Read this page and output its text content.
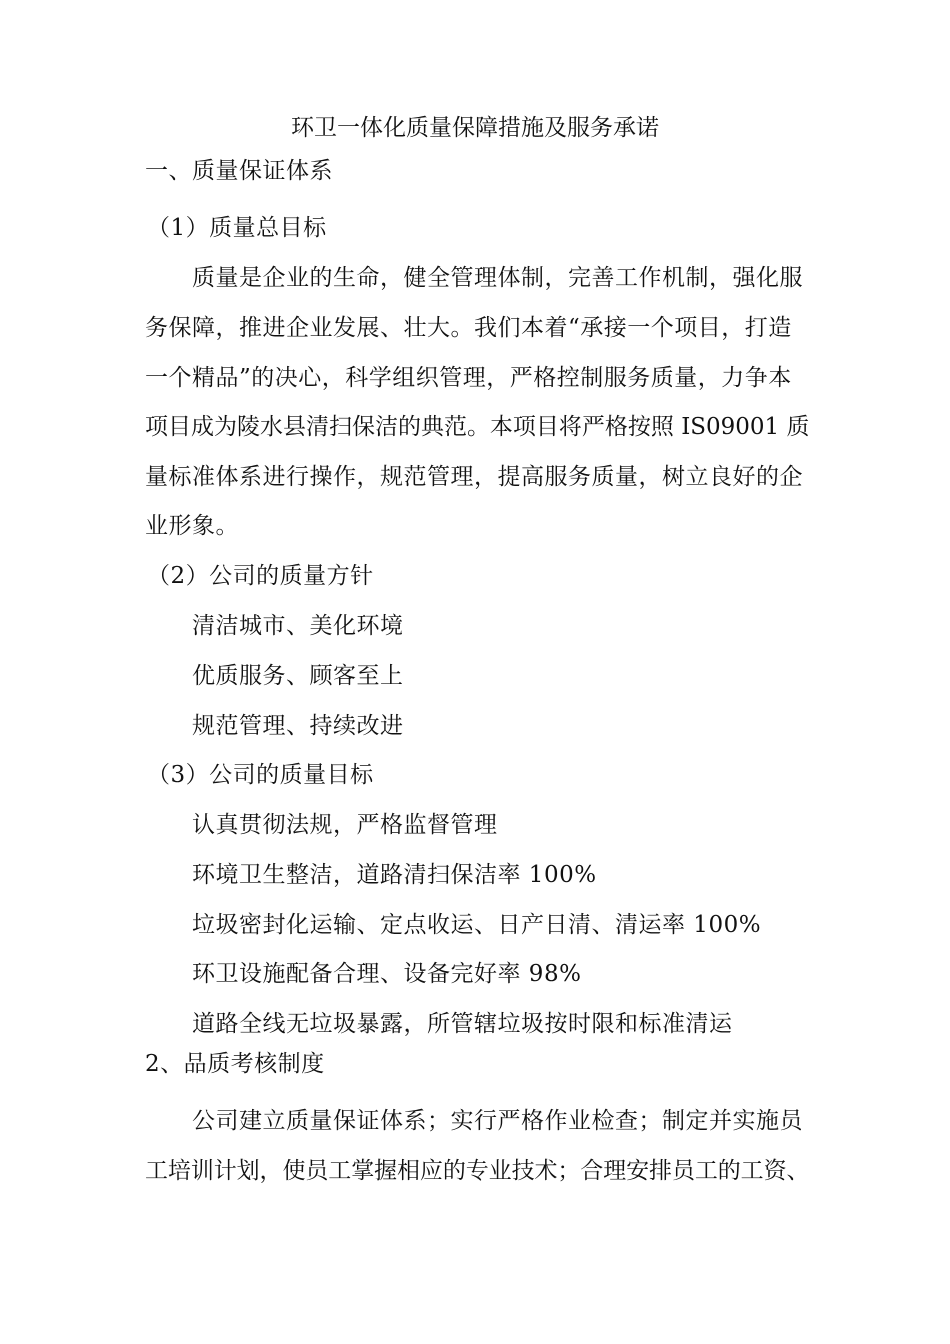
环卫一体化质量保障措施及服务承诺
一、质量保证体系
（1）质量总目标
质量是企业的生命，健全管理体制，完善工作机制，强化服
务保障，推进企业发展、壮大。我们本着“承接一个项目，打造
一个精品”的决心，科学组织管理，严格控制服务质量，力争本
项目成为陵水县清扫保洁的典范。本项目将严格按照 IS09001 质
量标准体系进行操作，规范管理，提高服务质量，树立良好的企
业形象。
（2）公司的质量方针
清洁城市、美化环境
优质服务、顾客至上
规范管理、持续改进
（3）公司的质量目标
认真贯彻法规，严格监督管理
环境卫生整洁，道路清扫保洁率 100%
垃圾密封化运输、定点收运、日产日清、清运率 100%
环卫设施配备合理、设备完好率 98%
道路全线无垃圾暴露，所管辖垃圾按时限和标准清运
2、品质考核制度
公司建立质量保证体系；实行严格作业检查；制定并实施员
工培训计划，使员工掌握相应的专业技术；合理安排员工的工资、
